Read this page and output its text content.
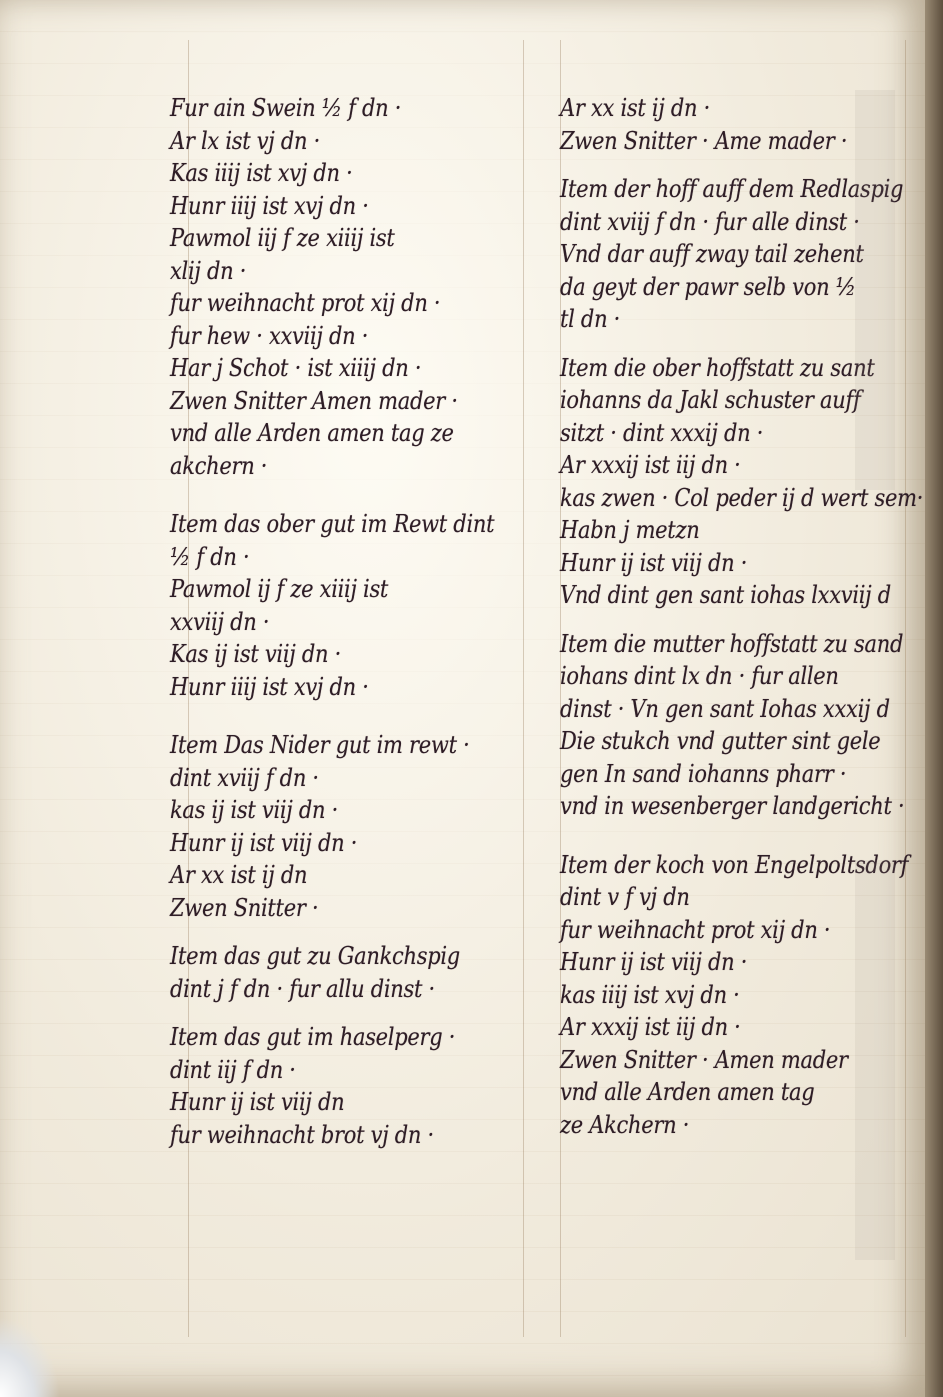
Fur ain Swein ½ f dn ·
Ar lx ist vj dn ·
Kas iiij ist xvj dn ·
Hunr iiij ist xvj dn ·
Pawmol iij f ze xiiij ist
xlij dn ·
fur weihnacht prot xij dn ·
fur hew · xxviij dn ·
Har j Schot · ist xiiij dn ·
Zwen Snitter Amen mader ·
vnd alle Arden amen tag ze
akchern ·
Item das ober gut im Rewt dint
½ f dn ·
Pawmol ij f ze xiiij ist
xxviij dn ·
Kas ij ist viij dn ·
Hunr iiij ist xvj dn ·
Item Das Nider gut im rewt ·
dint xviij f dn ·
kas ij ist viij dn ·
Hunr ij ist viij dn ·
Ar xx ist ij dn
Zwen Snitter ·
Item das gut zu Gankchspig
dint j f dn · fur allu dinst ·
Item das gut im haselperg ·
dint iij f dn ·
Hunr ij ist viij dn
fur weihnacht brot vj dn ·
Ar xx ist ij dn ·
Zwen Snitter · Ame mader ·
Item der hoff auff dem Redlaspig
dint xviij f dn · fur alle dinst ·
Vnd dar auff zway tail zehent
da geyt der pawr selb von ½
tl dn ·
Item die ober hoffstatt zu sant
iohanns da Jakl schuster auff
sitzt · dint xxxij dn ·
Ar xxxij ist iij dn ·
kas zwen · Col peder ij d wert sem·
Habn j metzn
Hunr ij ist viij dn ·
Vnd dint gen sant iohas lxxviij d
Item die mutter hoffstatt zu sand
iohans dint lx dn · fur allen
dinst · Vn gen sant Iohas xxxij d
Die stukch vnd gutter sint gele
gen In sand iohanns pharr ·
vnd in wesenberger landgericht ·
Item der koch von Engelpoltsdorf
dint v f vj dn
fur weihnacht prot xij dn ·
Hunr ij ist viij dn ·
kas iiij ist xvj dn ·
Ar xxxij ist iij dn ·
Zwen Snitter · Amen mader
vnd alle Arden amen tag
ze Akchern ·
